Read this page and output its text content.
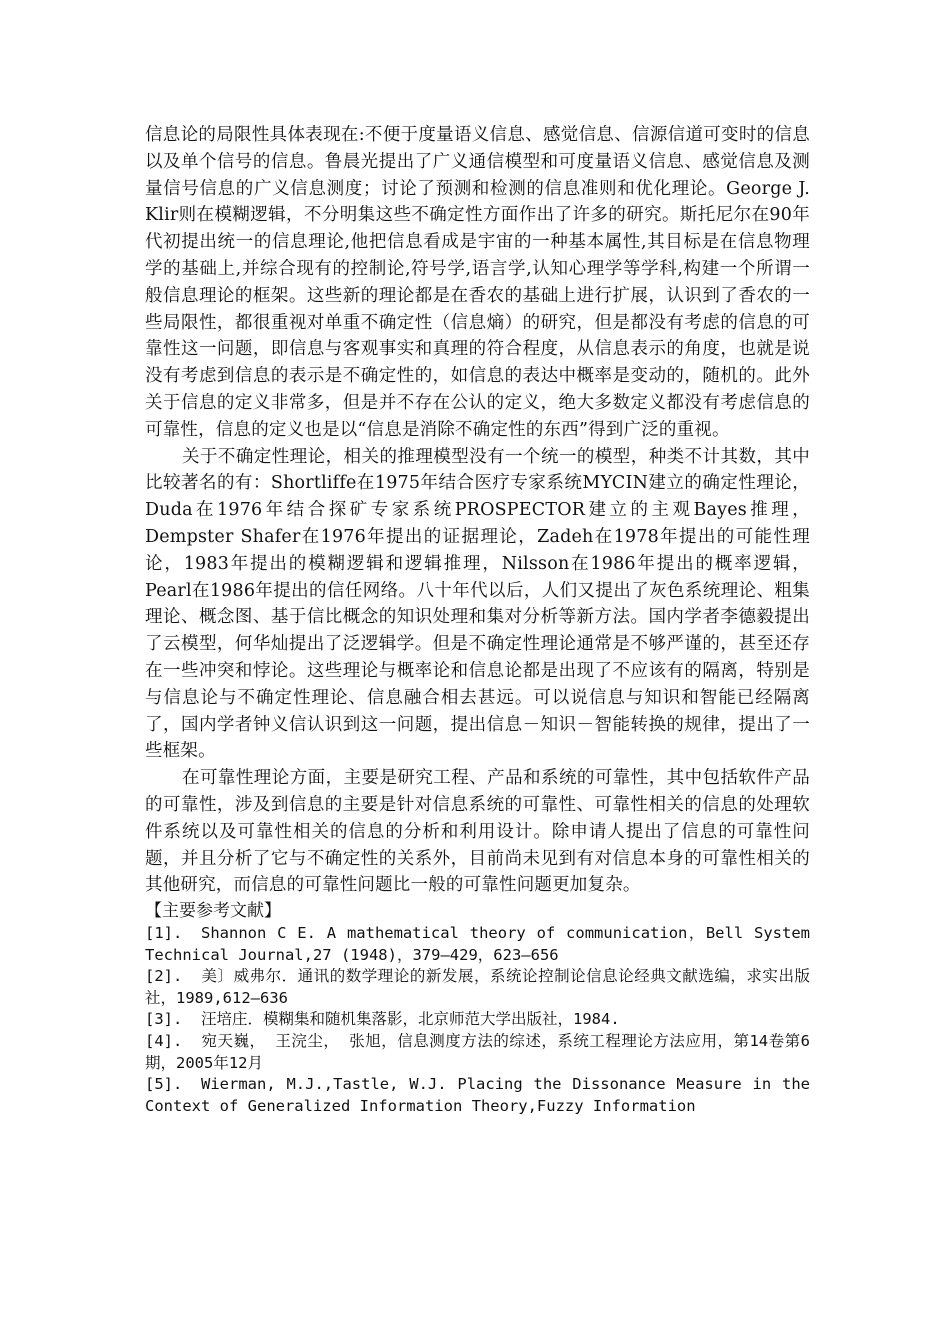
信息论的局限性具体表现在:不便于度量语义信息、感觉信息、信源信道可变时的信息以及单个信号的信息。鲁晨光提出了广义通信模型和可度量语义信息、感觉信息及测量信号信息的广义信息测度；讨论了预测和检测的信息准则和优化理论。George J. Klir则在模糊逻辑，不分明集这些不确定性方面作出了许多的研究。斯托尼尔在90年代初提出统一的信息理论,他把信息看成是宇宙的一种基本属性,其目标是在信息物理学的基础上,并综合现有的控制论,符号学,语言学,认知心理学等学科,构建一个所谓一般信息理论的框架。这些新的理论都是在香农的基础上进行扩展，认识到了香农的一些局限性，都很重视对单重不确定性（信息熵）的研究，但是都没有考虑的信息的可靠性这一问题，即信息与客观事实和真理的符合程度，从信息表示的角度，也就是说没有考虑到信息的表示是不确定性的，如信息的表达中概率是变动的，随机的。此外关于信息的定义非常多，但是并不存在公认的定义，绝大多数定义都没有考虑信息的可靠性，信息的定义也是以“信息是消除不确定性的东西”得到广泛的重视。

关于不确定性理论，相关的推理模型没有一个统一的模型，种类不计其数，其中比较著名的有：Shortliffe在1975年结合医疗专家系统MYCIN建立的确定性理论，Duda在1976年结合探矿专家系统PROSPECTOR建立的主观Bayes推理，Dempster Shafer在1976年提出的证据理论，Zadeh在1978年提出的可能性理论，1983年提出的模糊逻辑和逻辑推理，Nilsson在1986年提出的概率逻辑，Pearl在1986年提出的信任网络。八十年代以后，人们又提出了灰色系统理论、粗集理论、概念图、基于信比概念的知识处理和集对分析等新方法。国内学者李德毅提出了云模型，何华灿提出了泛逻辑学。但是不确定性理论通常是不够严谨的，甚至还存在一些冲突和悖论。这些理论与概率论和信息论都是出现了不应该有的隔离，特别是与信息论与不确定性理论、信息融合相去甚远。可以说信息与知识和智能已经隔离了，国内学者钟义信认识到这一问题，提出信息－知识－智能转换的规律，提出了一些框架。

在可靠性理论方面，主要是研究工程、产品和系统的可靠性，其中包括软件产品的可靠性，涉及到信息的主要是针对信息系统的可靠性、可靠性相关的信息的处理软件系统以及可靠性相关的信息的分析和利用设计。除申请人提出了信息的可靠性问题，并且分析了它与不确定性的关系外，目前尚未见到有对信息本身的可靠性相关的其他研究，而信息的可靠性问题比一般的可靠性问题更加复杂。

【主要参考文献】

[1]. Shannon C E. A mathematical theory of communication，Bell System Technical Journal,27 (1948)，379—429，623—656

[2]. 美〕威弗尔．通讯的数学理论的新发展，系统论控制论信息论经典文献选编，求实出版社，1989,612—636

[3]. 汪培庄．模糊集和随机集落影，北京师范大学出版社，1984.

[4]. 宛天巍， 王浣尘， 张旭，信息测度方法的综述，系统工程理论方法应用，第14卷第6期，2005年12月

[5]. Wierman, M.J.,Tastle, W.J. Placing the Dissonance Measure in the Context of Generalized Information Theory,Fuzzy Information
